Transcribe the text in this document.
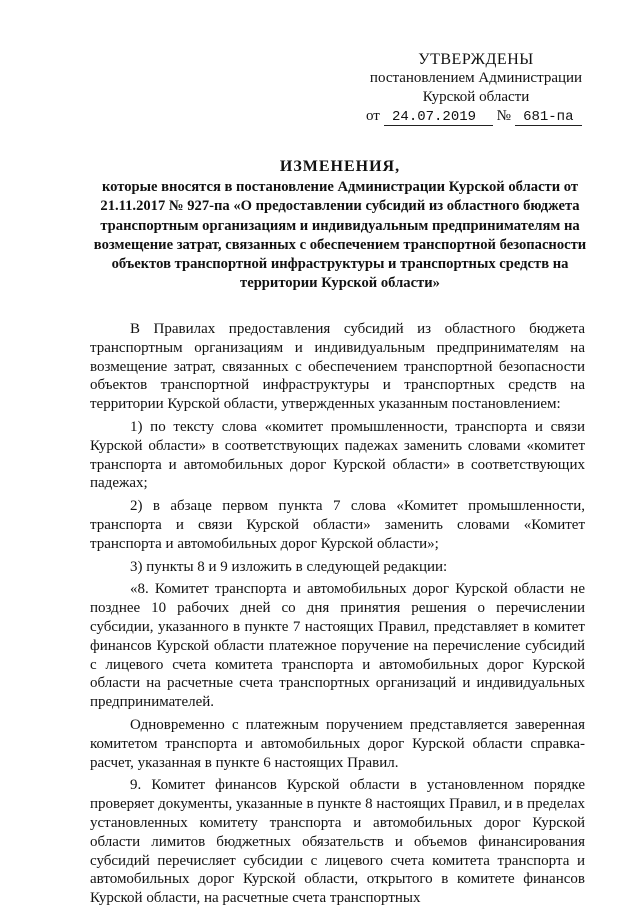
УТВЕРЖДЕНЫ
постановлением Администрации
Курской области
от 24.07.2019 № 681-па
ИЗМЕНЕНИЯ,
которые вносятся в постановление Администрации Курской области от 21.11.2017 № 927-па «О предоставлении субсидий из областного бюджета транспортным организациям и индивидуальным предпринимателям на возмещение затрат, связанных с обеспечением транспортной безопасности объектов транспортной инфраструктуры и транспортных средств на территории Курской области»

В Правилах предоставления субсидий из областного бюджета транспортным организациям и индивидуальным предпринимателям на возмещение затрат, связанных с обеспечением транспортной безопасности объектов транспортной инфраструктуры и транспортных средств на территории Курской области, утвержденных указанным постановлением:

1) по тексту слова «комитет промышленности, транспорта и связи Курской области» в соответствующих падежах заменить словами «комитет транспорта и автомобильных дорог Курской области» в соответствующих падежах;

2) в абзаце первом пункта 7 слова «Комитет промышленности, транспорта и связи Курской области» заменить словами «Комитет транспорта и автомобильных дорог Курской области»;

3) пункты 8 и 9 изложить в следующей редакции:

«8. Комитет транспорта и автомобильных дорог Курской области не позднее 10 рабочих дней со дня принятия решения о перечислении субсидии, указанного в пункте 7 настоящих Правил, представляет в комитет финансов Курской области платежное поручение на перечисление субсидий с лицевого счета комитета транспорта и автомобильных дорог Курской области на расчетные счета транспортных организаций и индивидуальных предпринимателей.

Одновременно с платежным поручением представляется заверенная комитетом транспорта и автомобильных дорог Курской области справка-расчет, указанная в пункте 6 настоящих Правил.

9. Комитет финансов Курской области в установленном порядке проверяет документы, указанные в пункте 8 настоящих Правил, и в пределах установленных комитету транспорта и автомобильных дорог Курской области лимитов бюджетных обязательств и объемов финансирования субсидий перечисляет субсидии с лицевого счета комитета транспорта и автомобильных дорог Курской области, открытого в комитете финансов Курской области, на расчетные счета транспортных
